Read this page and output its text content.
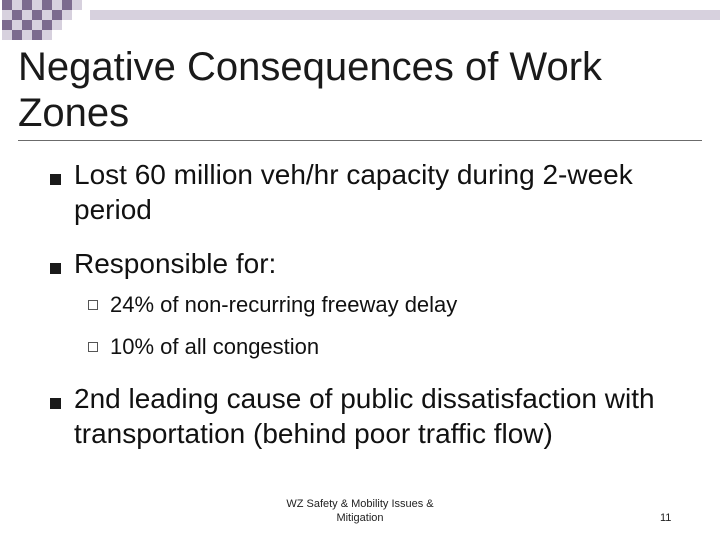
Negative Consequences of Work Zones
Lost 60 million veh/hr capacity during 2-week period
Responsible for:
24% of non-recurring freeway delay
10% of all congestion
2nd leading cause of public dissatisfaction with transportation (behind poor traffic flow)
WZ Safety & Mobility Issues & Mitigation	11
